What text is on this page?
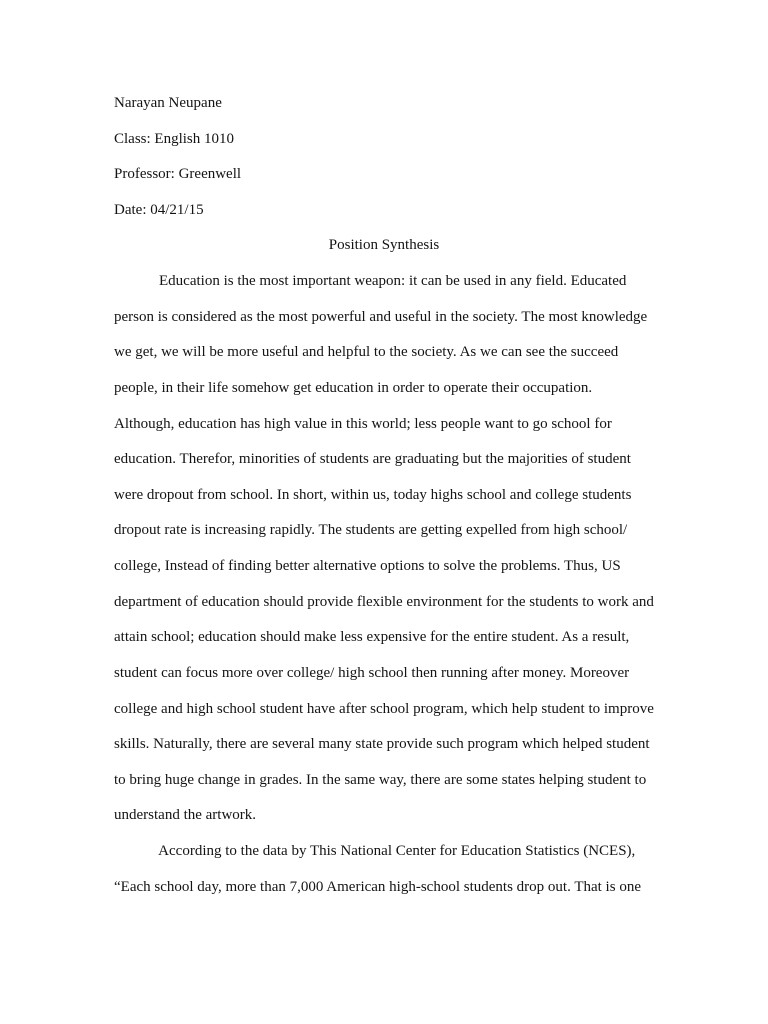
Narayan Neupane
Class: English 1010
Professor: Greenwell
Date: 04/21/15
Position Synthesis
Education is the most important weapon: it can be used in any field. Educated
person is considered as the most powerful and useful in the society. The most knowledge
we get, we will be more useful and helpful to the society. As we can see the succeed
people, in their life somehow get education in order to operate their occupation.
Although, education has high value in this world; less people want to go school for
education. Therefor, minorities of students are graduating but the majorities of student
were dropout from school. In short, within us, today highs school and college students
dropout rate is increasing rapidly. The students are getting expelled from high school/
college, Instead of finding better alternative options to solve the problems. Thus, US
department of education should provide flexible environment for the students to work and
attain school; education should make less expensive for the entire student. As a result,
student can focus more over college/ high school then running after money. Moreover
college and high school student have after school program, which help student to improve
skills. Naturally, there are several many state provide such program which helped student
to bring huge change in grades. In the same way, there are some states helping student to
understand the artwork.
According to the data by This National Center for Education Statistics (NCES),
“Each school day, more than 7,000 American high-school students drop out. That is one
